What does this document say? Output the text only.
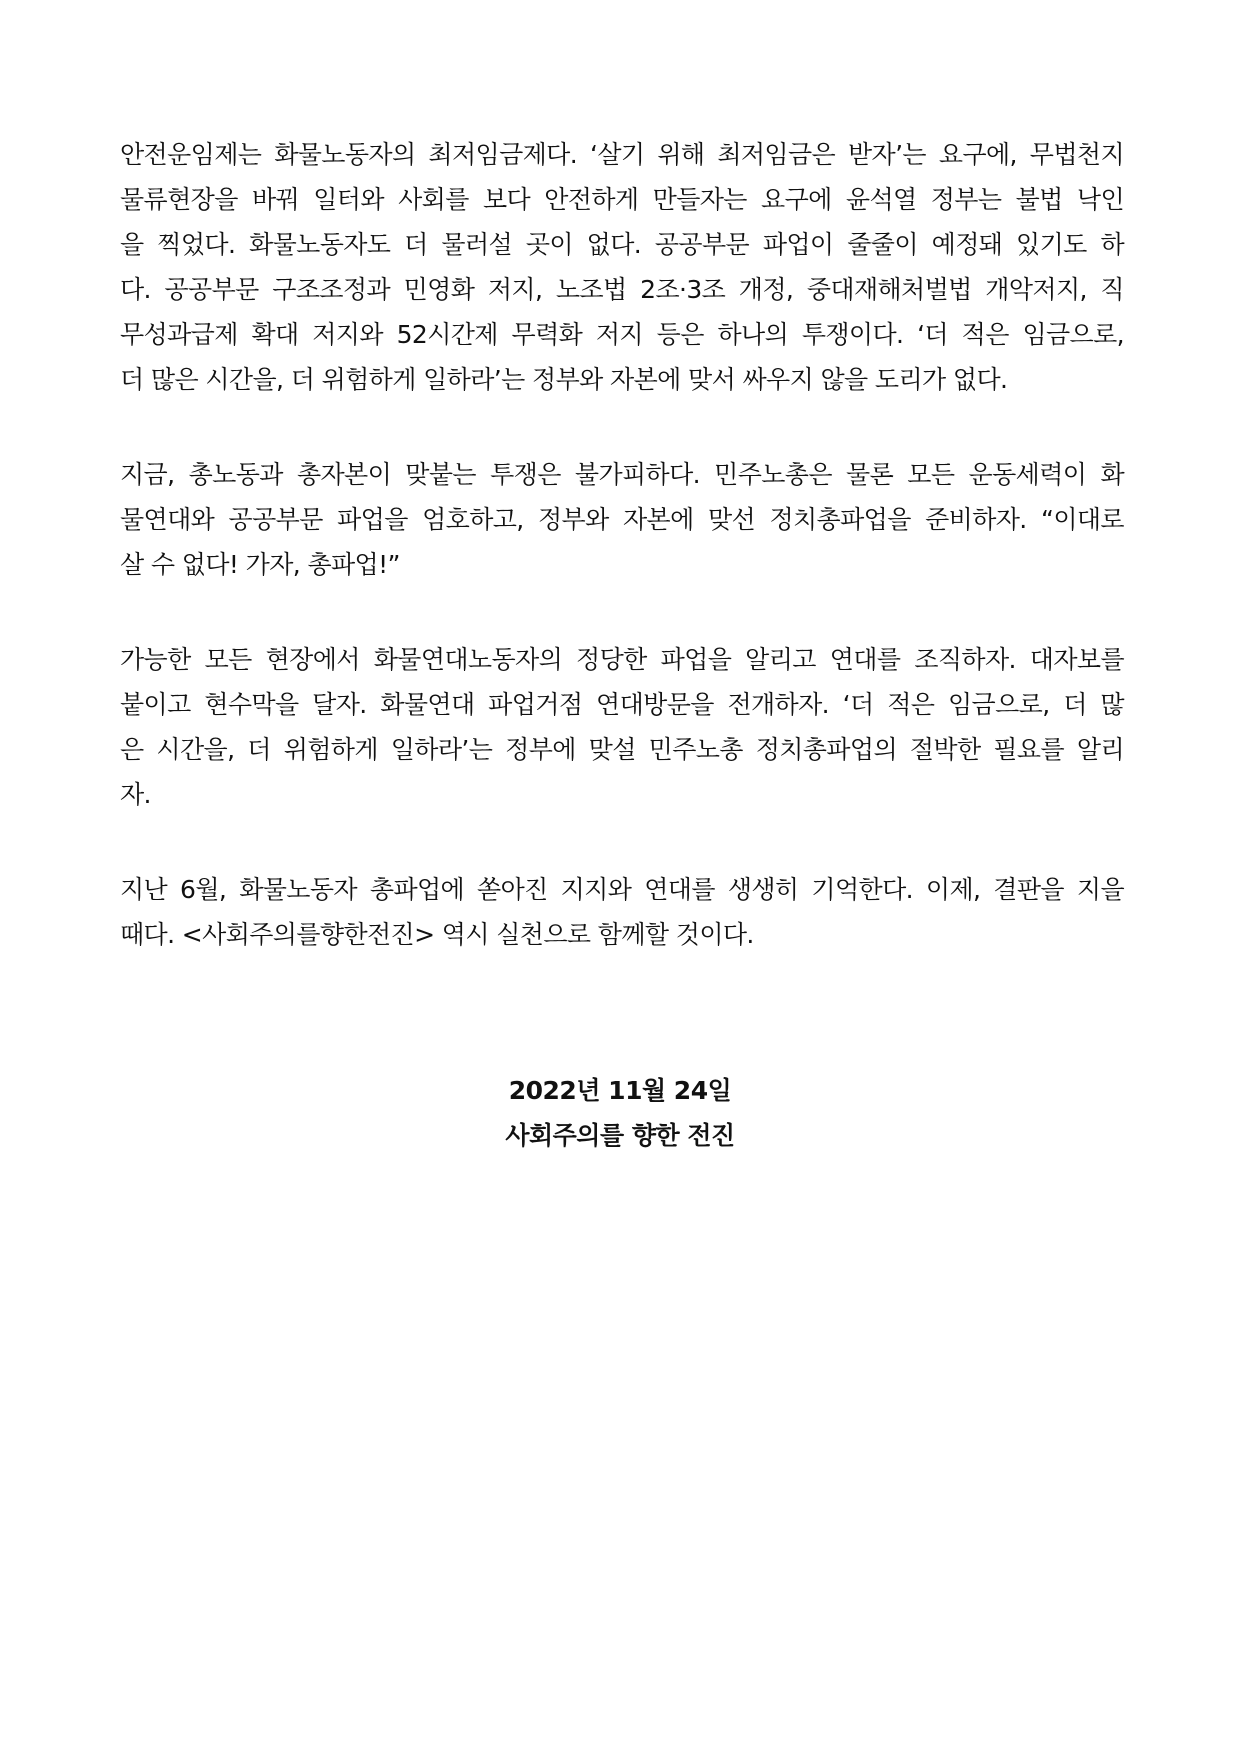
안전운임제는 화물노동자의 최저임금제다. ‘살기 위해 최저임금은 받자’는 요구에, 무법천지
물류현장을 바꿔 일터와 사회를 보다 안전하게 만들자는 요구에 윤석열 정부는 불법 낙인
을 찍었다. 화물노동자도 더 물러설 곳이 없다. 공공부문 파업이 줄줄이 예정돼 있기도 하
다. 공공부문 구조조정과 민영화 저지, 노조법 2조·3조 개정, 중대재해처벌법 개악저지, 직
무성과급제 확대 저지와 52시간제 무력화 저지 등은 하나의 투쟁이다. ‘더 적은 임금으로,
더 많은 시간을, 더 위험하게 일하라’는 정부와 자본에 맞서 싸우지 않을 도리가 없다.
지금, 총노동과 총자본이 맞붙는 투쟁은 불가피하다. 민주노총은 물론 모든 운동세력이 화
물연대와 공공부문 파업을 엄호하고, 정부와 자본에 맞선 정치총파업을 준비하자. “이대로
살 수 없다! 가자, 총파업!”
가능한 모든 현장에서 화물연대노동자의 정당한 파업을 알리고 연대를 조직하자. 대자보를
붙이고 현수막을 달자. 화물연대 파업거점 연대방문을 전개하자. ‘더 적은 임금으로, 더 많
은 시간을, 더 위험하게 일하라’는 정부에 맞설 민주노총 정치총파업의 절박한 필요를 알리
자.
지난 6월, 화물노동자 총파업에 쏟아진 지지와 연대를 생생히 기억한다. 이제, 결판을 지을
때다. <사회주의를향한전진> 역시 실천으로 함께할 것이다.
2022년 11월 24일
사회주의를 향한 전진
